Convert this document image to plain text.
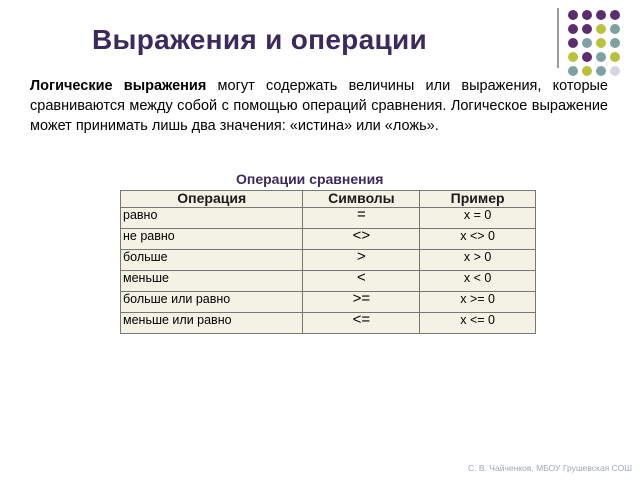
Выражения и операции
Логические выражения могут содержать величины или выражения, которые сравниваются между собой с помощью операций сравнения. Логическое выражение может принимать лишь два значения: «истина» или «ложь».
Операции сравнения
Операция	Символы	Пример
равно	=	x = 0
не равно	<>	x <> 0
больше	>	x > 0
меньше	<	x < 0
больше или равно	>=	x >= 0
меньше или равно	<=	x <= 0
С. В. Чайченков, МБОУ Грушевская СОШ
